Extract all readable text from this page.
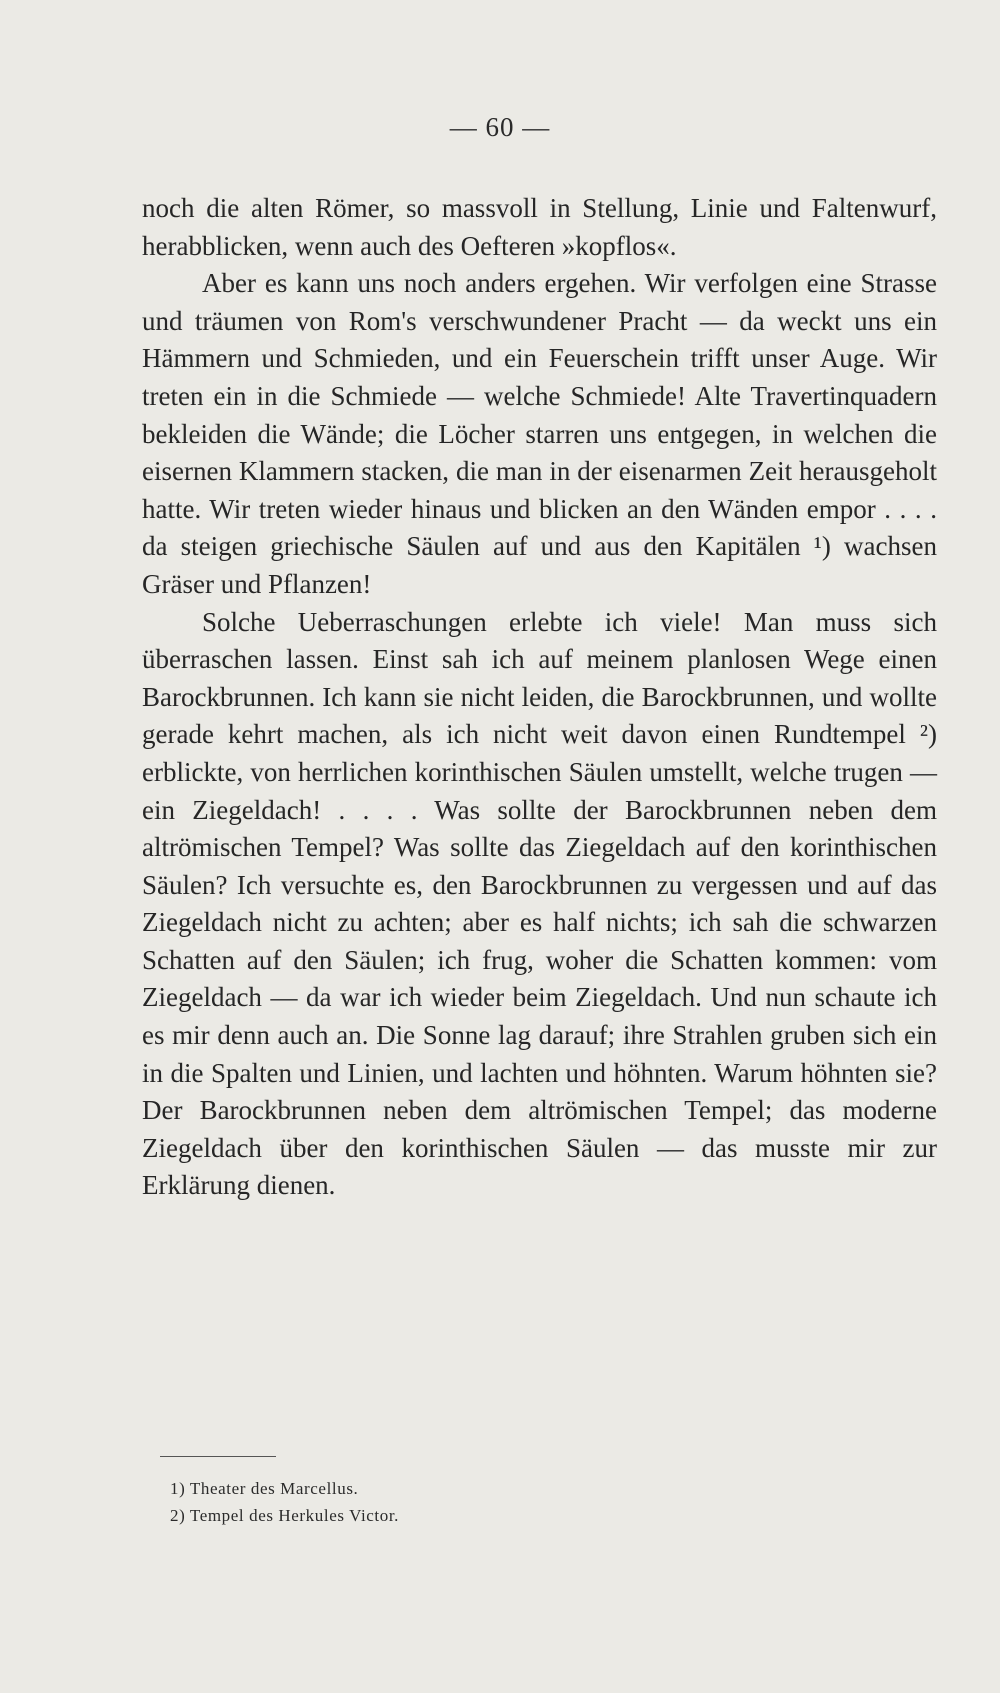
— 60 —

noch die alten Römer, so massvoll in Stellung, Linie und Faltenwurf, herabblicken, wenn auch des Oefteren »kopflos«.

Aber es kann uns noch anders ergehen. Wir verfolgen eine Strasse und träumen von Rom's verschwundener Pracht — da weckt uns ein Hämmern und Schmieden, und ein Feuerschein trifft unser Auge. Wir treten ein in die Schmiede — welche Schmiede! Alte Travertinquadern bekleiden die Wände; die Löcher starren uns entgegen, in welchen die eisernen Klammern stacken, die man in der eisenarmen Zeit herausgeholt hatte. Wir treten wieder hinaus und blicken an den Wänden empor . . . . da steigen griechische Säulen auf und aus den Kapitälen ¹) wachsen Gräser und Pflanzen!

Solche Ueberraschungen erlebte ich viele! Man muss sich überraschen lassen. Einst sah ich auf meinem planlosen Wege einen Barockbrunnen. Ich kann sie nicht leiden, die Barockbrunnen, und wollte gerade kehrt machen, als ich nicht weit davon einen Rundtempel ²) erblickte, von herrlichen korinthischen Säulen umstellt, welche trugen — ein Ziegeldach! . . . . Was sollte der Barockbrunnen neben dem altrömischen Tempel? Was sollte das Ziegeldach auf den korinthischen Säulen? Ich versuchte es, den Barockbrunnen zu vergessen und auf das Ziegeldach nicht zu achten; aber es half nichts; ich sah die schwarzen Schatten auf den Säulen; ich frug, woher die Schatten kommen: vom Ziegeldach — da war ich wieder beim Ziegeldach. Und nun schaute ich es mir denn auch an. Die Sonne lag darauf; ihre Strahlen gruben sich ein in die Spalten und Linien, und lachten und höhnten. Warum höhnten sie? Der Barockbrunnen neben dem altrömischen Tempel; das moderne Ziegeldach über den korinthischen Säulen — das musste mir zur Erklärung dienen.

1) Theater des Marcellus.
2) Tempel des Herkules Victor.
